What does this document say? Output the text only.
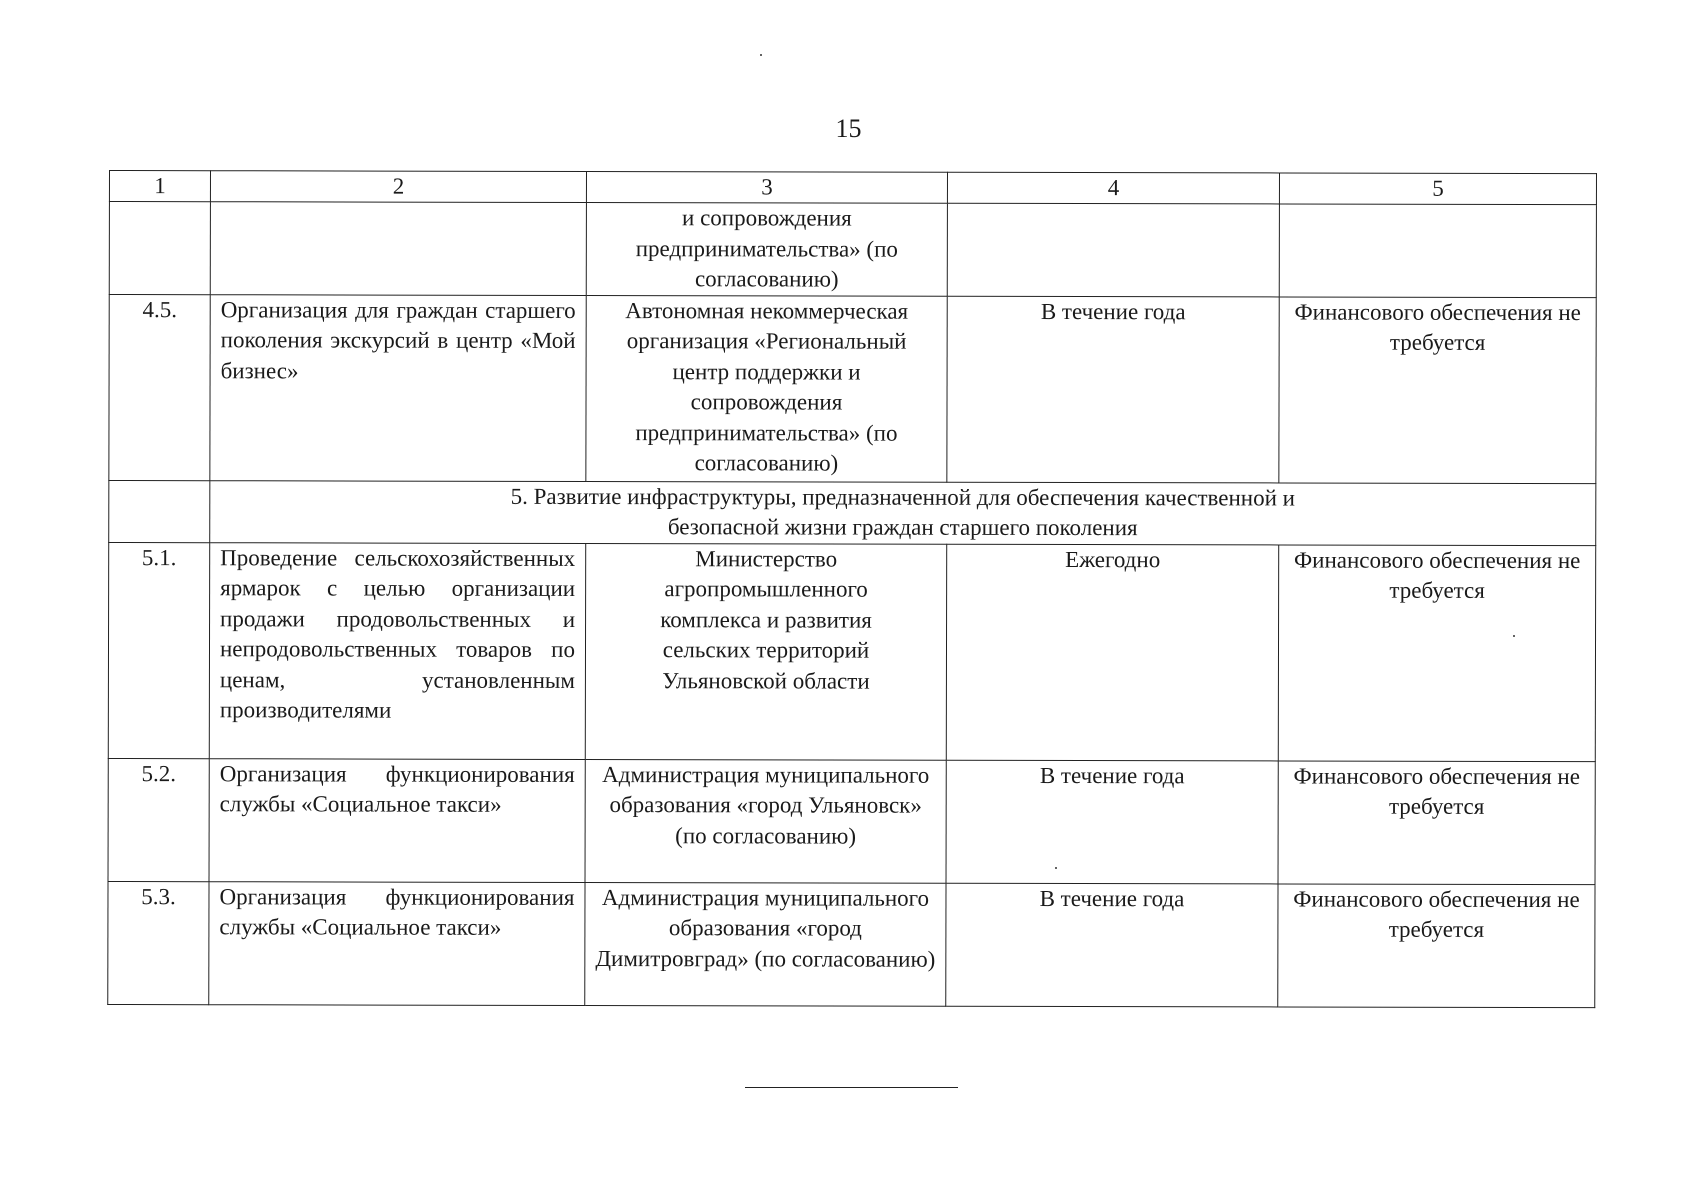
15
1	2	3	4	5
		и сопровождения предпринимательства» (по согласованию)		
4.5.	Организация для граждан старшего поколения экскурсий в центр «Мой бизнес»	Автономная некоммерческая организация «Региональный центр поддержки и сопровождения предпринимательства» (по согласованию)	В течение года	Финансового обеспечения не требуется
	5. Развитие инфраструктуры, предназначенной для обеспечения качественной и безопасной жизни граждан старшего поколения			
5.1.	Проведение сельскохозяйственных ярмарок с целью организации продажи продовольственных и непродовольственных товаров по ценам, установленным производителями	Министерство агропромышленного комплекса и развития сельских территорий Ульяновской области	Ежегодно	Финансового обеспечения не требуется
5.2.	Организация функционирования службы «Социальное такси»	Администрация муниципального образования «город Ульяновск» (по согласованию)	В течение года	Финансового обеспечения не требуется
5.3.	Организация функционирования службы «Социальное такси»	Администрация муниципального образования «город Димитровград» (по согласованию)	В течение года	Финансового обеспечения не требуется
